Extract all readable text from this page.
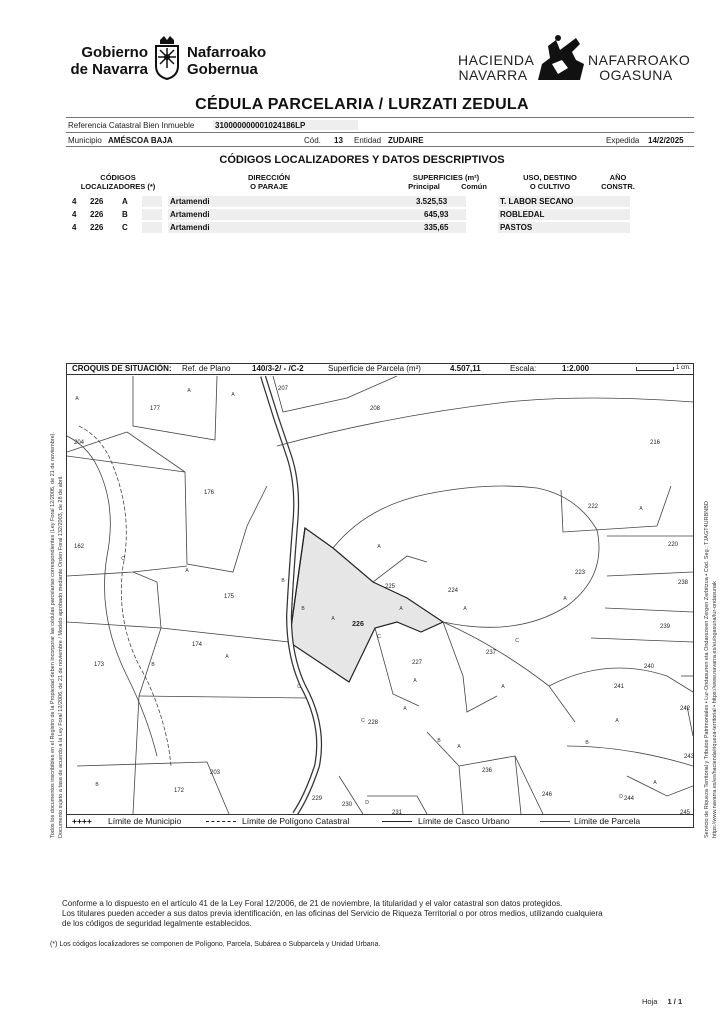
Gobierno
de Navarra
Nafarroako
Gobernua
HACIENDA
NAVARRA
NAFARROAKO
OGASUNA
CÉDULA PARCELARIA / LURZATI ZEDULA
Referencia Catastral Bien Inmueble	310000000001024186LP
Municipio AMÉSCOA BAJA	Cód. 13 Entidad ZUDAIRE	Expedida 14/2/2025
CÓDIGOS LOCALIZADORES Y DATOS DESCRIPTIVOS
CÓDIGOS
LOCALIZADORES (*)
DIRECCIÓN
O PARAJE
SUPERFICIES (m²)
Principal	Común
USO, DESTINO
O CULTIVO
AÑO
CONSTR.
4 226 A	Artamendi	3.525,53	T. LABOR SECANO
4 226 B	Artamendi	645,93	ROBLEDAL
4 226 C	Artamendi	335,65	PASTOS
Todos los documentos inscribibles en el Registro de la Propiedad deben incorporar las cédulas parcelarias correspondientes (Ley Foral 12/2006, de 21 de noviembre). Documento sujeto a tasa de acuerdo a la Ley Foral 12/2006, de 21 de noviembre / Modelo aprobado mediante Orden Foral 132/2003, de 28 de abril.	Servicio de Riqueza Territorial y Tributos Patrimoniales • Lur-Ondasunen eta Ondarezeen Zergen Zerbitzua • Cód. Seg.: TJAGT4URBNBD https://www.navarra.es/es/hacienda/riqueza-territorial • https://www.navarra.es/eu/ogasuna/lur-ondasunak
CROQUIS DE SITUACIÓN: Ref. de Plano	140/3-2/ - /C-2	Superficie de Parcela (m²)	4.507,11	Escala:	1:2.000	1 cm.
207
177	208
204	216
176
222
162	220
223
225
224
238
175
226	239
240
174
237
227
173
242
241
228
243
203
246
236
244
229
230
245
172
231
A
A
A
C
A
B
B
A
A	A
A
C
A
A
A
B
C
C
A
A
A
C
B
A
B
A
B
D
D
A
++++ Límite de Municipio	Límite de Polígono Catastral	Límite de Casco Urbano	Límite de Parcela
Conforme a lo dispuesto en el artículo 41 de la Ley Foral 12/2006, de 21 de noviembre, la titularidad y el valor catastral son datos protegidos.
Los titulares pueden acceder a sus datos previa identificación, en las oficinas del Servicio de Riqueza Territorial o por otros medios, utilizando cualquiera
de los códigos de seguridad legalmente establecidos.
(*) Los códigos localizadores se componen de Polígono, Parcela, Subárea o Subparcela y Unidad Urbana.
Hoja 1 / 1
